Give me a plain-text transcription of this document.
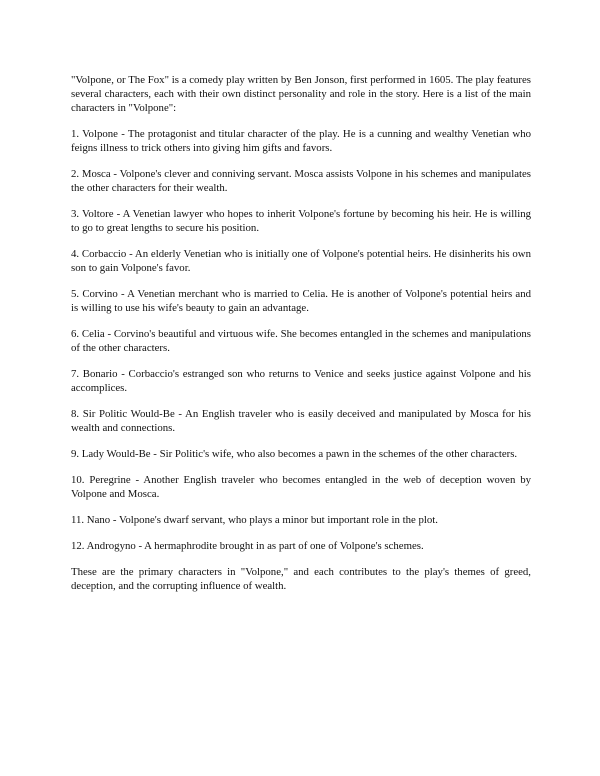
"Volpone, or The Fox" is a comedy play written by Ben Jonson, first performed in 1605. The play features several characters, each with their own distinct personality and role in the story. Here is a list of the main characters in "Volpone":

1. Volpone - The protagonist and titular character of the play. He is a cunning and wealthy Venetian who feigns illness to trick others into giving him gifts and favors.

2. Mosca - Volpone's clever and conniving servant. Mosca assists Volpone in his schemes and manipulates the other characters for their wealth.

3. Voltore - A Venetian lawyer who hopes to inherit Volpone's fortune by becoming his heir. He is willing to go to great lengths to secure his position.

4. Corbaccio - An elderly Venetian who is initially one of Volpone's potential heirs. He disinherits his own son to gain Volpone's favor.

5. Corvino - A Venetian merchant who is married to Celia. He is another of Volpone's potential heirs and is willing to use his wife's beauty to gain an advantage.

6. Celia - Corvino's beautiful and virtuous wife. She becomes entangled in the schemes and manipulations of the other characters.

7. Bonario - Corbaccio's estranged son who returns to Venice and seeks justice against Volpone and his accomplices.

8. Sir Politic Would-Be - An English traveler who is easily deceived and manipulated by Mosca for his wealth and connections.

9. Lady Would-Be - Sir Politic's wife, who also becomes a pawn in the schemes of the other characters.

10. Peregrine - Another English traveler who becomes entangled in the web of deception woven by Volpone and Mosca.

11. Nano - Volpone's dwarf servant, who plays a minor but important role in the plot.

12. Androgyno - A hermaphrodite brought in as part of one of Volpone's schemes.

These are the primary characters in "Volpone," and each contributes to the play's themes of greed, deception, and the corrupting influence of wealth.
